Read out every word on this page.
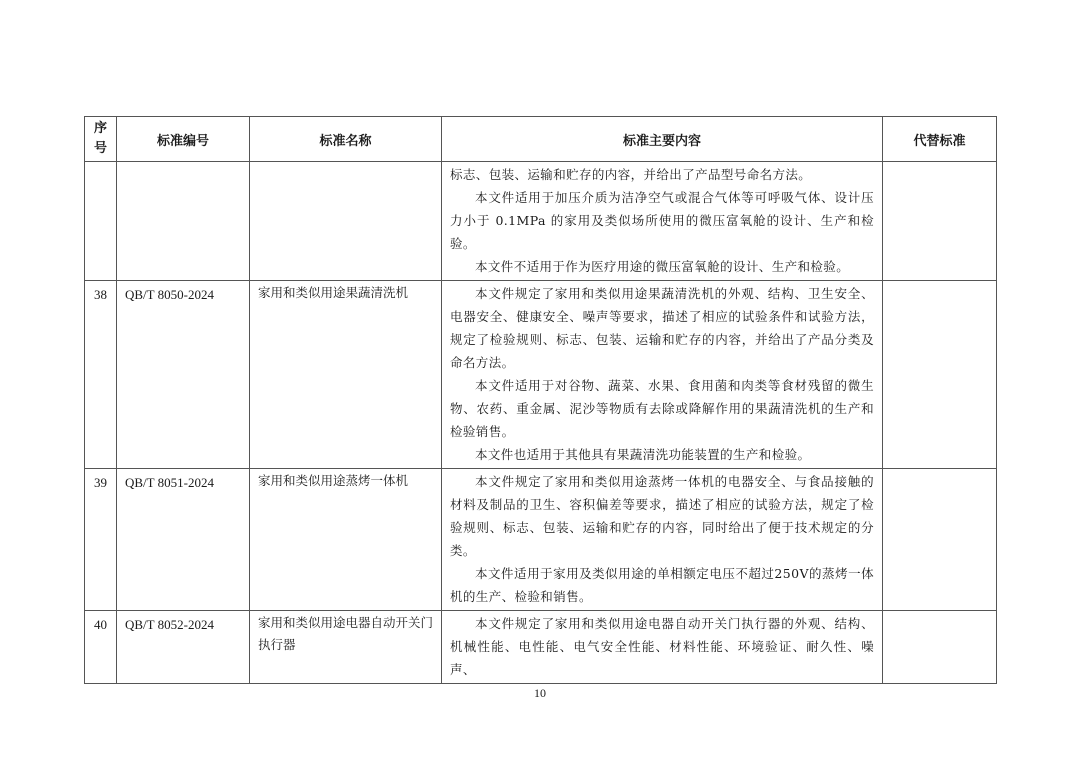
序
号	标准编号	标准名称	标准主要内容	代替标准

			标志、包装、运输和贮存的内容，并给出了产品型号命名方法。

本文件适用于加压介质为洁净空气或混合气体等可呼吸气体、设计压力小于 0.1MPa 的家用及类似场所使用的微压富氧舱的设计、生产和检验。

本文件不适用于作为医疗用途的微压富氧舱的设计、生产和检验。	

38	QB/T 8050-2024	家用和类似用途果蔬清洗机	本文件规定了家用和类似用途果蔬清洗机的外观、结构、卫生安全、电器安全、健康安全、噪声等要求，描述了相应的试验条件和试验方法，规定了检验规则、标志、包装、运输和贮存的内容，并给出了产品分类及命名方法。

本文件适用于对谷物、蔬菜、水果、食用菌和肉类等食材残留的微生物、农药、重金属、泥沙等物质有去除或降解作用的果蔬清洗机的生产和检验销售。

本文件也适用于其他具有果蔬清洗功能装置的生产和检验。	

39	QB/T 8051-2024	家用和类似用途蒸烤一体机	本文件规定了家用和类似用途蒸烤一体机的电器安全、与食品接触的材料及制品的卫生、容积偏差等要求，描述了相应的试验方法，规定了检验规则、标志、包装、运输和贮存的内容，同时给出了便于技术规定的分类。

本文件适用于家用及类似用途的单相额定电压不超过250V的蒸烤一体机的生产、检验和销售。	

40	QB/T 8052-2024	家用和类似用途电器自动开关门执行器	本文件规定了家用和类似用途电器自动开关门执行器的外观、结构、机械性能、电性能、电气安全性能、材料性能、环境验证、耐久性、噪声、	

10
